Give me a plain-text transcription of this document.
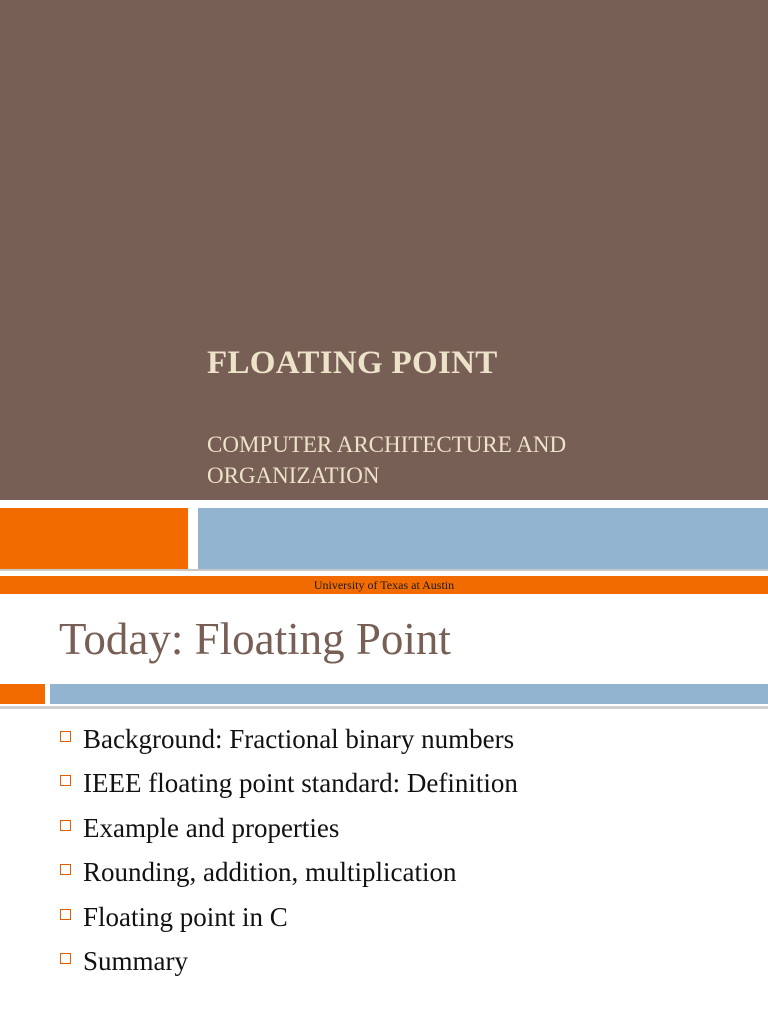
FLOATING POINT
COMPUTER ARCHITECTURE AND ORGANIZATION
University of Texas at Austin
Today: Floating Point
Background: Fractional binary numbers
IEEE floating point standard: Definition
Example and properties
Rounding, addition, multiplication
Floating point in C
Summary
